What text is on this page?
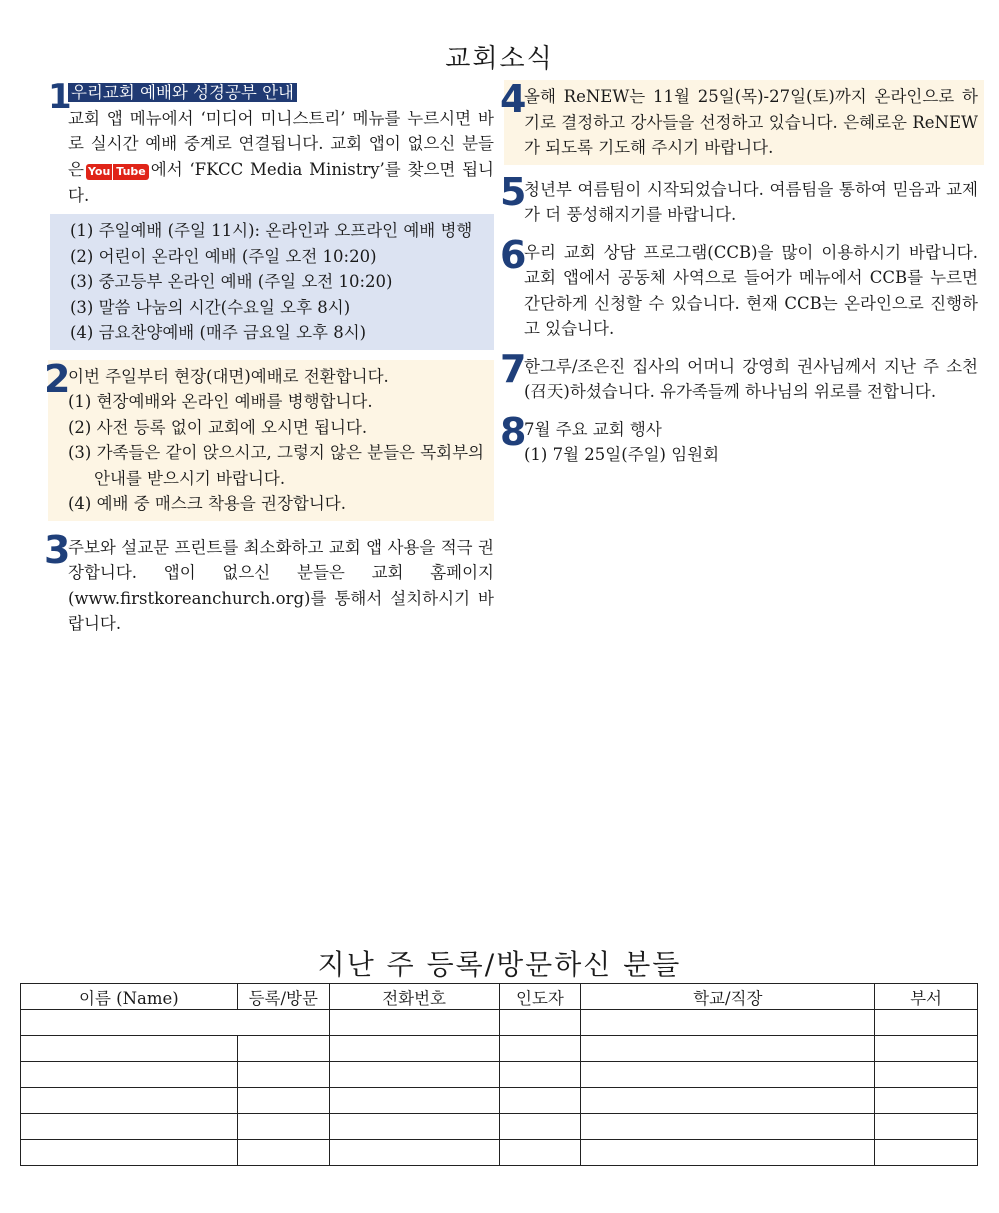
교회소식
1 우리교회 예배와 성경공부 안내

교회 앱 메뉴에서 ‘미디어 미니스트리’ 메뉴를 누르시면 바로 실시간 예배 중계로 연결됩니다. 교회 앱이 없으신 분들은 You Tube 에서 ‘FKCC Media Ministry’를 찾으면 됩니다.

(1) 주일예배 (주일 11시): 온라인과 오프라인 예배 병행
(2) 어린이 온라인 예배 (주일 오전 10:20)
(3) 중고등부 온라인 예배 (주일 오전 10:20)
(3) 말씀 나눔의 시간(수요일 오후 8시)
(4) 금요찬양예배 (매주 금요일 오후 8시)
2

이번 주일부터 현장(대면)예배로 전환합니다.

(1) 현장예배와 온라인 예배를 병행합니다.
(2) 사전 등록 없이 교회에 오시면 됩니다.
(3) 가족들은 같이 앉으시고, 그렇지 않은 분들은 목회부의 안내를 받으시기 바랍니다.
(4) 예배 중 매스크 착용을 권장합니다.
3

주보와 설교문 프린트를 최소화하고 교회 앱 사용을 적극 권장합니다. 앱이 없으신 분들은 교회 홈페이지(www.firstkoreanchurch.org)를 통해서 설치하시기 바랍니다.

4

올해 ReNEW는 11월 25일(목)-27일(토)까지 온라인으로 하기로 결정하고 강사들을 선정하고 있습니다. 은혜로운 ReNEW가 되도록 기도해 주시기 바랍니다.

5

청년부 여름팀이 시작되었습니다. 여름팀을 통하여 믿음과 교제가 더 풍성해지기를 바랍니다.

6

우리 교회 상담 프로그램(CCB)을 많이 이용하시기 바랍니다. 교회 앱에서 공동체 사역으로 들어가 메뉴에서 CCB를 누르면 간단하게 신청할 수 있습니다. 현재 CCB는 온라인으로 진행하고 있습니다.

7

한그루/조은진 집사의 어머니 강영희 권사님께서 지난 주 소천(召天)하셨습니다. 유가족들께 하나님의 위로를 전합니다.

8

7월 주요 교회 행사

(1) 7월 25일(주일) 임원회
지난 주 등록/방문하신 분들
이름 (Name)	등록/방문	전화번호	인도자	학교/직장	부서
